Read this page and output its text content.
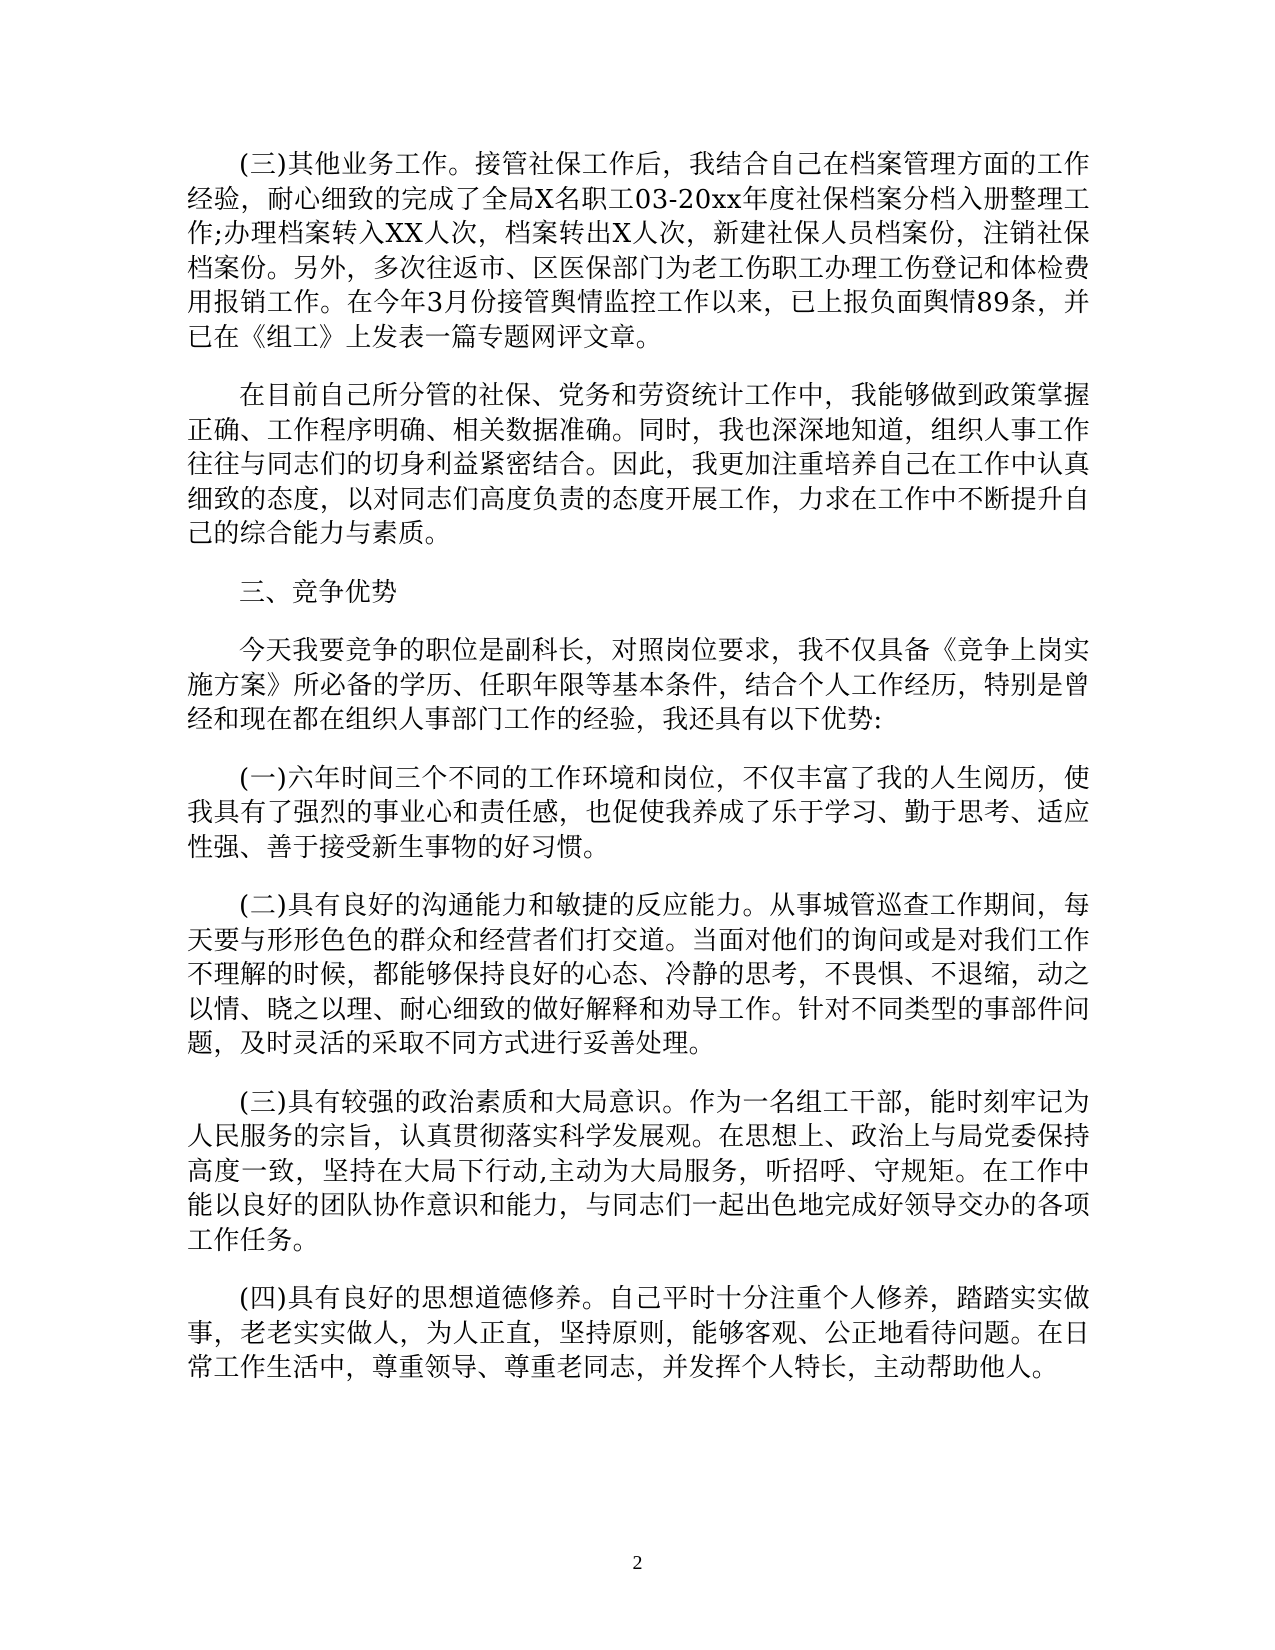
(三)其他业务工作。接管社保工作后，我结合自己在档案管理方面的工作经验，耐心细致的完成了全局X名职工03-20xx年度社保档案分档入册整理工作;办理档案转入XX人次，档案转出X人次，新建社保人员档案份，注销社保档案份。另外，多次往返市、区医保部门为老工伤职工办理工伤登记和体检费用报销工作。在今年3月份接管舆情监控工作以来，已上报负面舆情89条，并已在《组工》上发表一篇专题网评文章。

在目前自己所分管的社保、党务和劳资统计工作中，我能够做到政策掌握正确、工作程序明确、相关数据准确。同时，我也深深地知道，组织人事工作往往与同志们的切身利益紧密结合。因此，我更加注重培养自己在工作中认真细致的态度，以对同志们高度负责的态度开展工作，力求在工作中不断提升自己的综合能力与素质。

三、竞争优势

今天我要竞争的职位是副科长，对照岗位要求，我不仅具备《竞争上岗实施方案》所必备的学历、任职年限等基本条件，结合个人工作经历，特别是曾经和现在都在组织人事部门工作的经验，我还具有以下优势:

(一)六年时间三个不同的工作环境和岗位，不仅丰富了我的人生阅历，使我具有了强烈的事业心和责任感，也促使我养成了乐于学习、勤于思考、适应性强、善于接受新生事物的好习惯。

(二)具有良好的沟通能力和敏捷的反应能力。从事城管巡查工作期间，每天要与形形色色的群众和经营者们打交道。当面对他们的询问或是对我们工作不理解的时候，都能够保持良好的心态、冷静的思考，不畏惧、不退缩，动之以情、晓之以理、耐心细致的做好解释和劝导工作。针对不同类型的事部件问题，及时灵活的采取不同方式进行妥善处理。

(三)具有较强的政治素质和大局意识。作为一名组工干部，能时刻牢记为人民服务的宗旨，认真贯彻落实科学发展观。在思想上、政治上与局党委保持高度一致，坚持在大局下行动,主动为大局服务，听招呼、守规矩。在工作中能以良好的团队协作意识和能力，与同志们一起出色地完成好领导交办的各项工作任务。

(四)具有良好的思想道德修养。自己平时十分注重个人修养，踏踏实实做事，老老实实做人，为人正直，坚持原则，能够客观、公正地看待问题。在日常工作生活中，尊重领导、尊重老同志，并发挥个人特长，主动帮助他人。

2
